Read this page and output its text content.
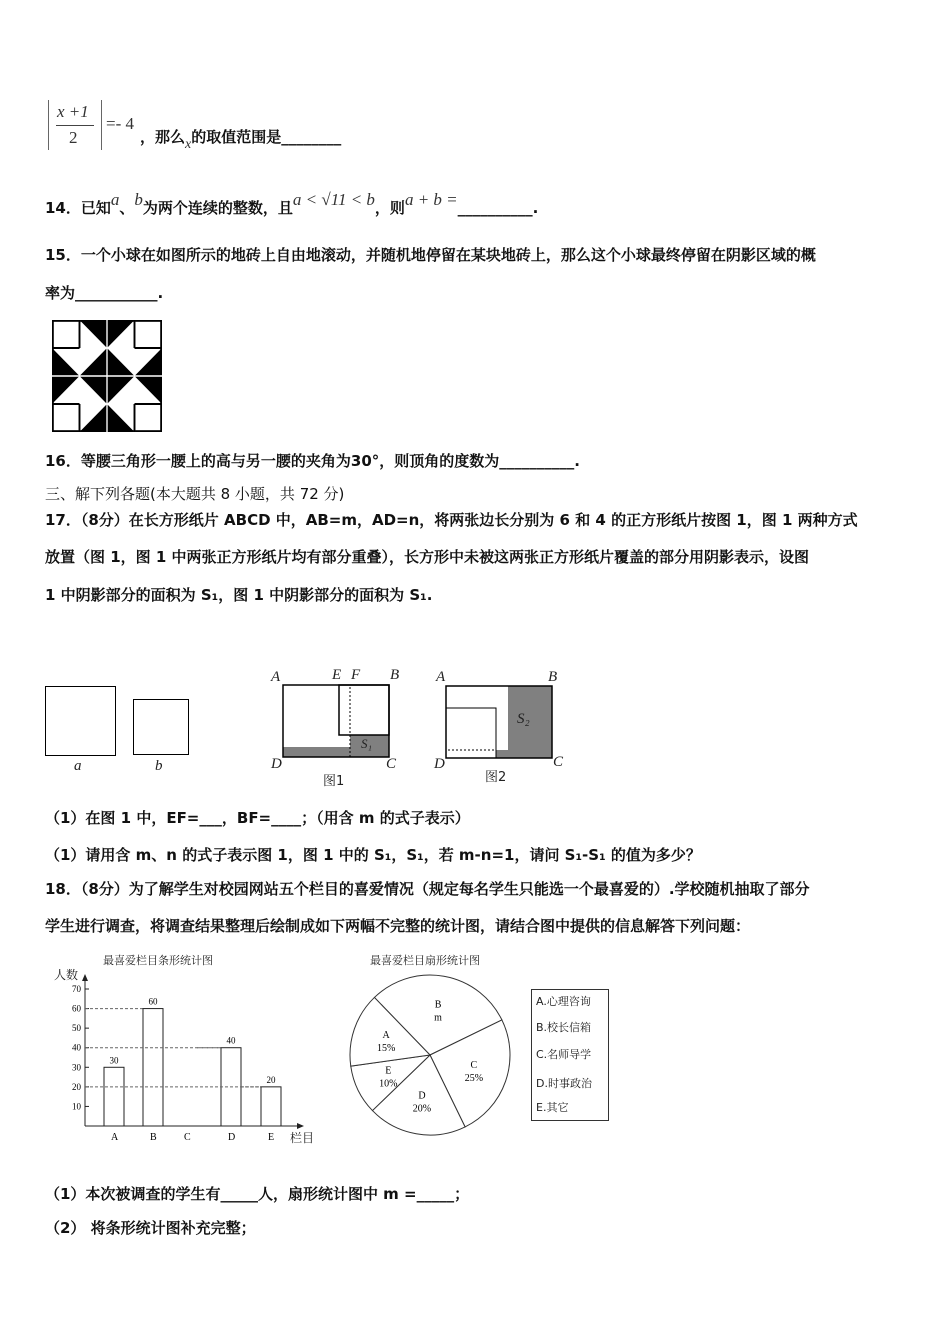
x +1
2
=- 4
，那么x的取值范围是________
14．已知a、b为两个连续的整数，且a < √11 < b，则a + b =__________.
15．一个小球在如图所示的地砖上自由地滚动，并随机地停留在某块地砖上，那么这个小球最终停留在阴影区域的概
率为___________.
16．等腰三角形一腰上的高与另一腰的夹角为30°，则顶角的度数为__________.
三、解下列各题(本大题共 8 小题，共 72 分)
17．（8分）在长方形纸片 ABCD 中，AB=m，AD=n，将两张边长分别为 6 和 4 的正方形纸片按图 1，图 1 两种方式
放置（图 1，图 1 中两张正方形纸片均有部分重叠），长方形中未被这两张正方形纸片覆盖的部分用阴影表示，设图
1 中阴影部分的面积为 S₁，图 1 中阴影部分的面积为 S₁.
a	b
A	E F B
D	C
S₁
图1
A	B
D	C
S₂
图2
（1）在图 1 中，EF=___，BF=____；（用含 m 的式子表示）
（1）请用含 m、n 的式子表示图 1，图 1 中的 S₁，S₁，若 m-n=1，请问 S₁-S₁ 的值为多少？
18．（8分）为了解学生对校园网站五个栏目的喜爱情况（规定每名学生只能选一个最喜爱的）.学校随机抽取了部分
学生进行调查，将调查结果整理后绘制成如下两幅不完整的统计图，请结合图中提供的信息解答下列问题：
最喜爱栏目条形统计图
人数
栏目
10
20
30
40
50
60
70
A
30
B
60
C	D
40
E
20
最喜爱栏目扇形统计图
B
m
C
25%
D
20%
E
10%
A
15%
A.心理咨询
B.校长信箱
C.名师导学
D.时事政治
E.其它
（1）本次被调查的学生有_____人，扇形统计图中 m =_____；
（2） 将条形统计图补充完整；
